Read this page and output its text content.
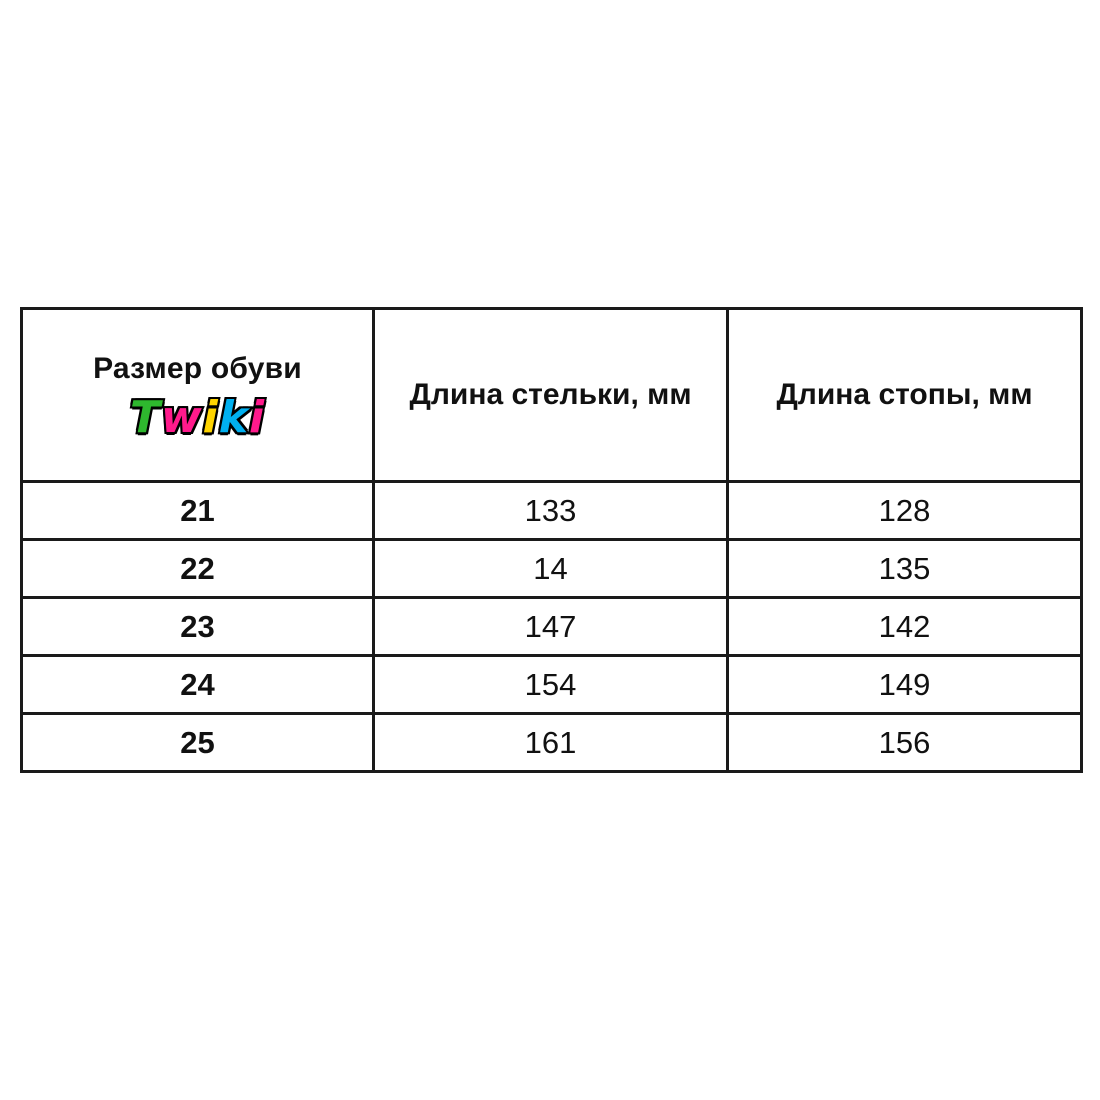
Размер обуви
Twiki	Длина стельки, мм	Длина стопы, мм
21	133	128
22	14	135
23	147	142
24	154	149
25	161	156
